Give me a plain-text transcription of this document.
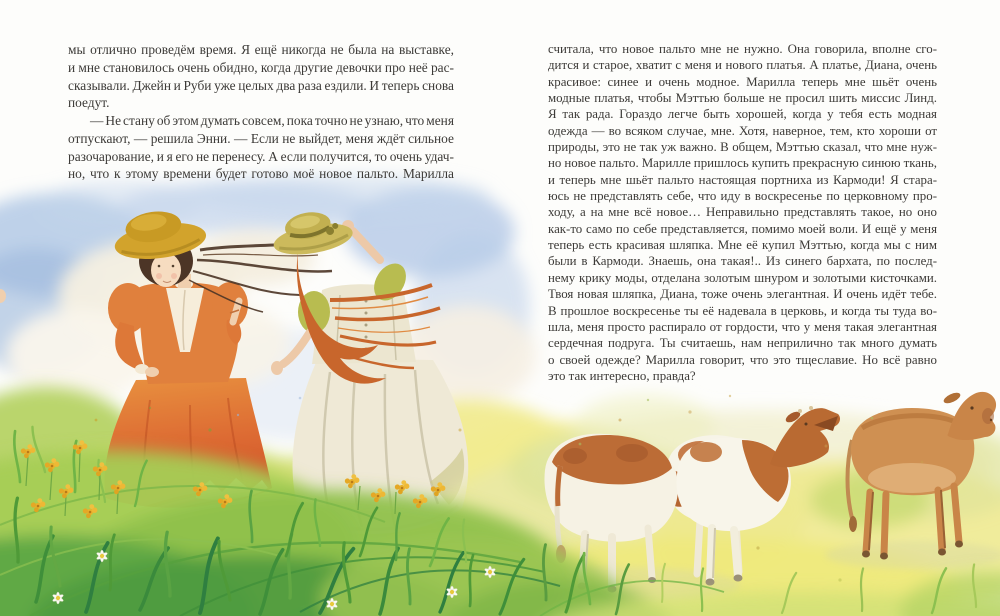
мы отлично проведём время. Я ещё никогда не была на выставке,
и мне становилось очень обидно, когда другие девочки про неё рас-
сказывали. Джейн и Руби уже целых два раза ездили. И теперь снова
поедут.
— Не стану об этом думать совсем, пока точно не узнаю, что меня
отпускают, — решила Энни. — Если не выйдет, меня ждёт сильное
разочарование, и я его не перенесу. А если получится, то очень удач-
но, что к этому времени будет готово моё новое пальто. Марилла
считала, что новое пальто мне не нужно. Она говорила, вполне сго-
дится и старое, хватит с меня и нового платья. А платье, Диана, очень
красивое: синее и очень модное. Марилла теперь мне шьёт очень
модные платья, чтобы Мэттью больше не просил шить миссис Линд.
Я так рада. Гораздо легче быть хорошей, когда у тебя есть модная
одежда — во всяком случае, мне. Хотя, наверное, тем, кто хороши от
природы, это не так уж важно. В общем, Мэттью сказал, что мне нуж-
но новое пальто. Марилле пришлось купить прекрасную синюю ткань,
и теперь мне шьёт пальто настоящая портниха из Кармоди! Я стара-
юсь не представлять себе, что иду в воскресенье по церковному про-
ходу, а на мне всё новое… Неправильно представлять такое, но оно
как-то само по себе представляется, помимо моей воли. И ещё у меня
теперь есть красивая шляпка. Мне её купил Мэттью, когда мы с ним
были в Кармоди. Знаешь, она такая!.. Из синего бархата, по послед-
нему крику моды, отделана золотым шнуром и золотыми кисточками.
Твоя новая шляпка, Диана, тоже очень элегантная. И очень идёт тебе.
В прошлое воскресенье ты её надевала в церковь, и когда ты туда во-
шла, меня просто распирало от гордости, что у меня такая элегантная
сердечная подруга. Ты считаешь, нам неприлично так много думать
о своей одежде? Марилла говорит, что это тщеславие. Но всё равно
это так интересно, правда?
